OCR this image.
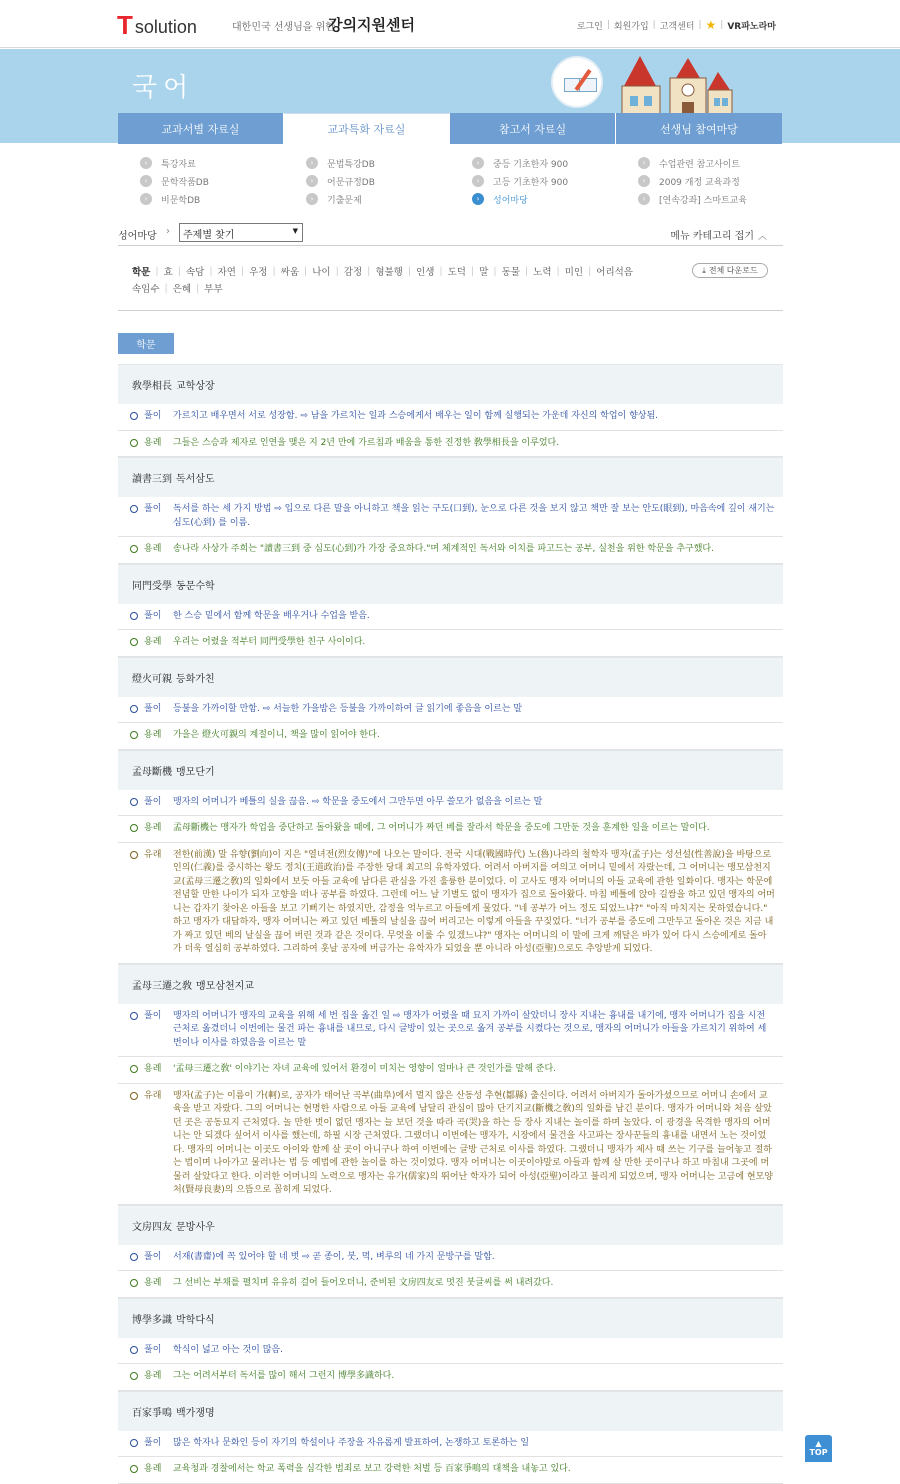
T solution	대한민국 선생님을 위한
강의지원센터	로그인 | 회원가입 | 고객센터 | ★ | VR파노라마
국어
교과서별 자료실	교과특화 자료실	참고서 자료실	선생님 참여마당
›	특강자료
›	문학작품DB
›	비문학DB
›	문법특강DB
›	어문규정DB
›	기출문제
›	중등 기초한자 900
›	고등 기초한자 900
›	성어마당
›	수업관련 참고사이트
›	2009 개정 교육과정
›	[연속강좌] 스마트교육
성어마당 ›	주제별 찾기	▼	메뉴 카테고리 접기 ︿
학문 | 효 | 속담 | 자연 | 우정 | 싸움 | 나이 | 감정 | 형불행 | 인생 | 도덕 | 말 | 동물 | 노력 | 미인 | 어리석음
속임수 | 은혜 | 부부
⤓ 전체 다운로드
학문
敎學相長 교학상장
풀이 가르치고 배우면서 서로 성장함. ⇨ 남을 가르치는 일과 스승에게서 배우는 일이 함께 실행되는 가운데 자신의 학업이 향상됨.
용례 그들은 스승과 제자로 인연을 맺은 지 2년 만에 가르침과 배움을 통한 진정한 敎學相長을 이루었다.
讀書三到 독서삼도
풀이 독서를 하는 세 가지 방법 ⇨ 입으로 다른 말을 아니하고 책을 읽는 구도(口到), 눈으로 다른 것을 보지 않고 책만 잘 보는 안도(眼到), 마음속에 깊이 새기는 심도(心到) 를 이름.
용례 송나라 사상가 주희는 "讀書三到 중 심도(心到)가 가장 중요하다."며 체계적인 독서와 이치를 파고드는 공부, 실천을 위한 학문을 추구했다.
同門受學 동문수학
풀이 한 스승 밑에서 함께 학문을 배우거나 수업을 받음.
용례 우리는 어렸을 적부터 同門受學한 친구 사이이다.
燈火可親 등화가친
풀이 등불을 가까이할 만함. ⇨ 서늘한 가을밤은 등불을 가까이하여 글 읽기에 좋음을 이르는 말
용례 가을은 燈火可親의 계절이니, 책을 많이 읽어야 한다.
孟母斷機 맹모단기
풀이 맹자의 어머니가 베틀의 실을 끊음. ⇨ 학문을 중도에서 그만두면 아무 쓸모가 없음을 이르는 말
용례 孟母斷機는 맹자가 학업을 중단하고 돌아왔을 때에, 그 어머니가 짜던 베를 잘라서 학문을 중도에 그만둔 것을 훈계한 일을 이르는 말이다.
유래 전한(前漢) 말 유향(劉向)이 지은 "열녀전(烈女傳)"에 나오는 말이다. 전국 시대(戰國時代) 노(魯)나라의 철학자 맹자(孟子)는 성선설(性善說)을 바탕으로 인의(仁義)를 중시하는 왕도 정치(王道政治)를 주장한 당대 최고의 유학자였다. 어려서 아버지를 여의고 어머니 밑에서 자랐는데, 그 어머니는 맹모삼천지교(孟母三遷之敎)의 일화에서 보듯 아들 교육에 남다른 관심을 가진 훌륭한 분이었다. 이 고사도 맹자 어머니의 아들 교육에 관한 일화이다. 맹자는 학문에 전념할 만한 나이가 되자 고향을 떠나 공부를 하였다. 그런데 어느 날 기별도 없이 맹자가 집으로 돌아왔다. 마침 베틀에 앉아 길쌈을 하고 있던 맹자의 어머니는 갑자기 찾아온 아들을 보고 기뻐기는 하였지만, 감정을 억누르고 아들에게 물었다. "네 공부가 어느 정도 되었느냐?" "아직 마치지는 못하였습니다." 하고 맹자가 대답하자, 맹자 어머니는 짜고 있던 베틀의 날실을 끊어 버리고는 이렇게 아들을 꾸짖었다. "너가 공부를 중도에 그만두고 돌아온 것은 지금 내가 짜고 있던 베의 날실을 끊어 버린 것과 같은 것이다. 무엇을 이룰 수 있겠느냐?" 맹자는 어머니의 이 말에 크게 깨달은 바가 있어 다시 스승에게로 돌아가 더욱 열심히 공부하였다. 그리하여 훗날 공자에 버금가는 유학자가 되었을 뿐 아니라 아성(亞聖)으로도 추앙받게 되었다.
孟母三遷之敎 맹모삼천지교
풀이 맹자의 어머니가 맹자의 교육을 위해 세 번 집을 옮긴 일 ⇨ 맹자가 어렸을 때 묘지 가까이 살았더니 장사 지내는 흉내를 내기에, 맹자 어머니가 집을 시전 근처로 옮겼더니 이번에는 물건 파는 흉내를 내므로, 다시 글방이 있는 곳으로 옮겨 공부를 시켰다는 것으로, 맹자의 어머니가 아들을 가르치기 위하여 세 번이나 이사를 하였음을 이르는 말
용례 '孟母三遷之敎' 이야기는 자녀 교육에 있어서 환경이 미치는 영향이 얼마나 큰 것인가를 말해 준다.
유래 맹자(孟子)는 이름이 가(軻)로, 공자가 태어난 곡부(曲阜)에서 멀지 않은 산동성 추현(鄒縣) 출신이다. 어려서 아버지가 돌아가셨으므로 어머니 손에서 교육을 받고 자랐다. 그의 어머니는 현명한 사람으로 아들 교육에 남달리 관심이 많아 단기지교(斷機之敎)의 일화를 남긴 분이다. 맹자가 어머니와 처음 살았던 곳은 공동묘지 근처였다. 놀 만한 벗이 없던 맹자는 늘 보던 것을 따라 곡(哭)을 하는 등 장사 지내는 놀이를 하며 놀았다. 이 광경을 목격한 맹자의 어머니는 안 되겠다 싶어서 이사를 했는데, 하필 시장 근처였다. 그랬더니 이번에는 맹자가, 시장에서 물건을 사고파는 장사꾼들의 흉내를 내면서 노는 것이었다. 맹자의 어머니는 이곳도 아이와 함께 살 곳이 아니구나 하여 이번에는 글방 근처로 이사를 하였다. 그랬더니 맹자가 제사 때 쓰는 기구를 늘어놓고 절하는 법이며 나아가고 물러나는 법 등 예법에 관한 놀이를 하는 것이었다. 맹자 어머니는 이곳이야말로 아들과 함께 살 만한 곳이구나 하고 마침내 그곳에 머물러 살았다고 한다. 이러한 어머니의 노력으로 맹자는 유가(儒家)의 뛰어난 학자가 되어 아성(亞聖)이라고 불리게 되었으며, 맹자 어머니는 고금에 현모양처(賢母良妻)의 으뜸으로 꼽히게 되었다.
文房四友 문방사우
풀이 서재(書齋)에 꼭 있어야 할 네 벗 ⇨ 곧 종이, 붓, 먹, 벼루의 네 가지 문방구를 말함.
용례 그 선비는 부채를 펼치며 유유히 걸어 들어오더니, 준비된 文房四友로 멋진 붓글씨를 써 내려갔다.
博學多識 박학다식
풀이 학식이 넓고 아는 것이 많음.
용례 그는 어려서부터 독서를 많이 해서 그런지 博學多識하다.
百家爭鳴 백가쟁명
풀이 많은 학자나 문화인 등이 자기의 학설이나 주장을 자유롭게 발표하여, 논쟁하고 토론하는 일
용례 교육청과 경찰에서는 학교 폭력을 심각한 범죄로 보고 강력한 처벌 등 百家爭鳴의 대책을 내놓고 있다.
▲
TOP
